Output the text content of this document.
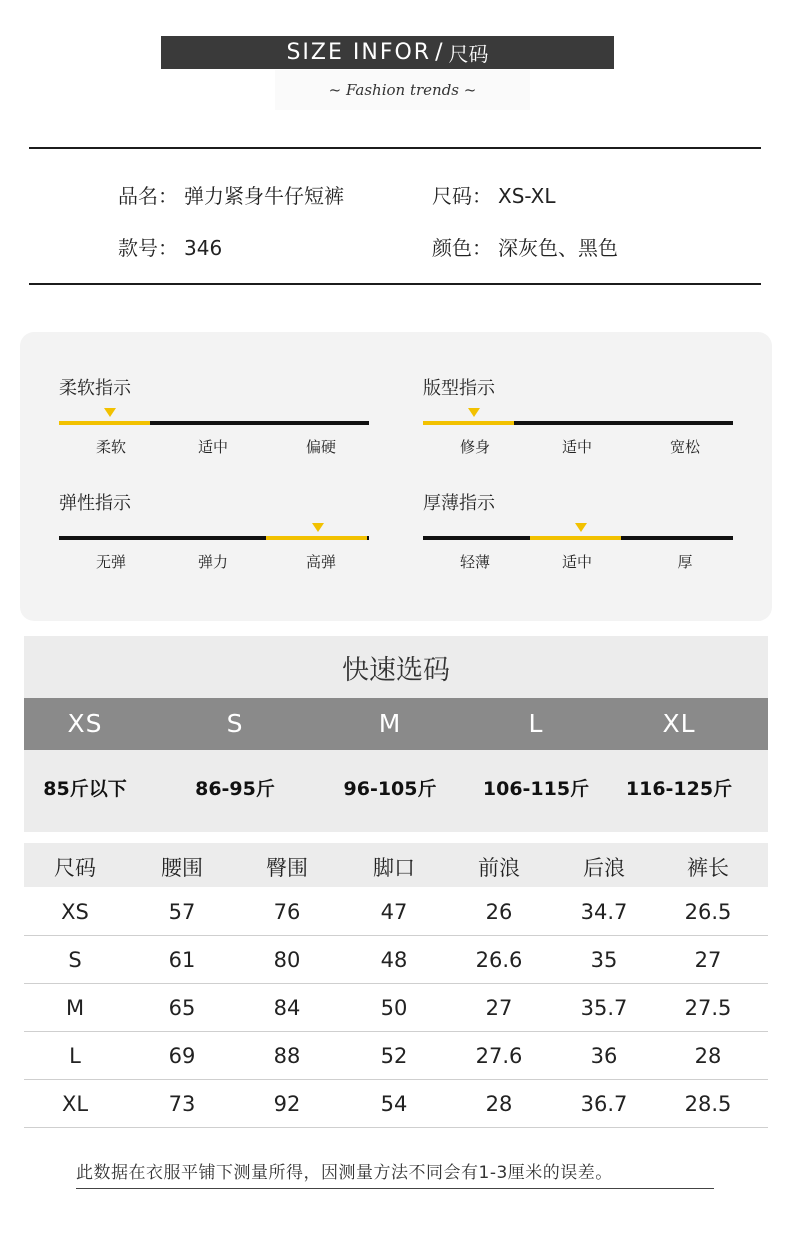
SIZE INFOR / 尺码
~ Fashion trends ~
品名： 弹力紧身牛仔短裤	尺码： XS-XL
款号： 346	颜色： 深灰色、黑色
柔软指示
柔软	适中	偏硬
版型指示
修身	适中	宽松
弹性指示
无弹	弹力	高弹
厚薄指示
轻薄	适中	厚
快速选码
XS	S	M	L	XL
85斤以下	86-95斤	96-105斤	106-115斤	116-125斤
尺码	腰围	臀围	脚口	前浪	后浪	裤长
XS	57	76	47	26	34.7	26.5
S	61	80	48	26.6	35	27
M	65	84	50	27	35.7	27.5
L	69	88	52	27.6	36	28
XL	73	92	54	28	36.7	28.5
此数据在衣服平铺下测量所得，因测量方法不同会有1-3厘米的误差。
